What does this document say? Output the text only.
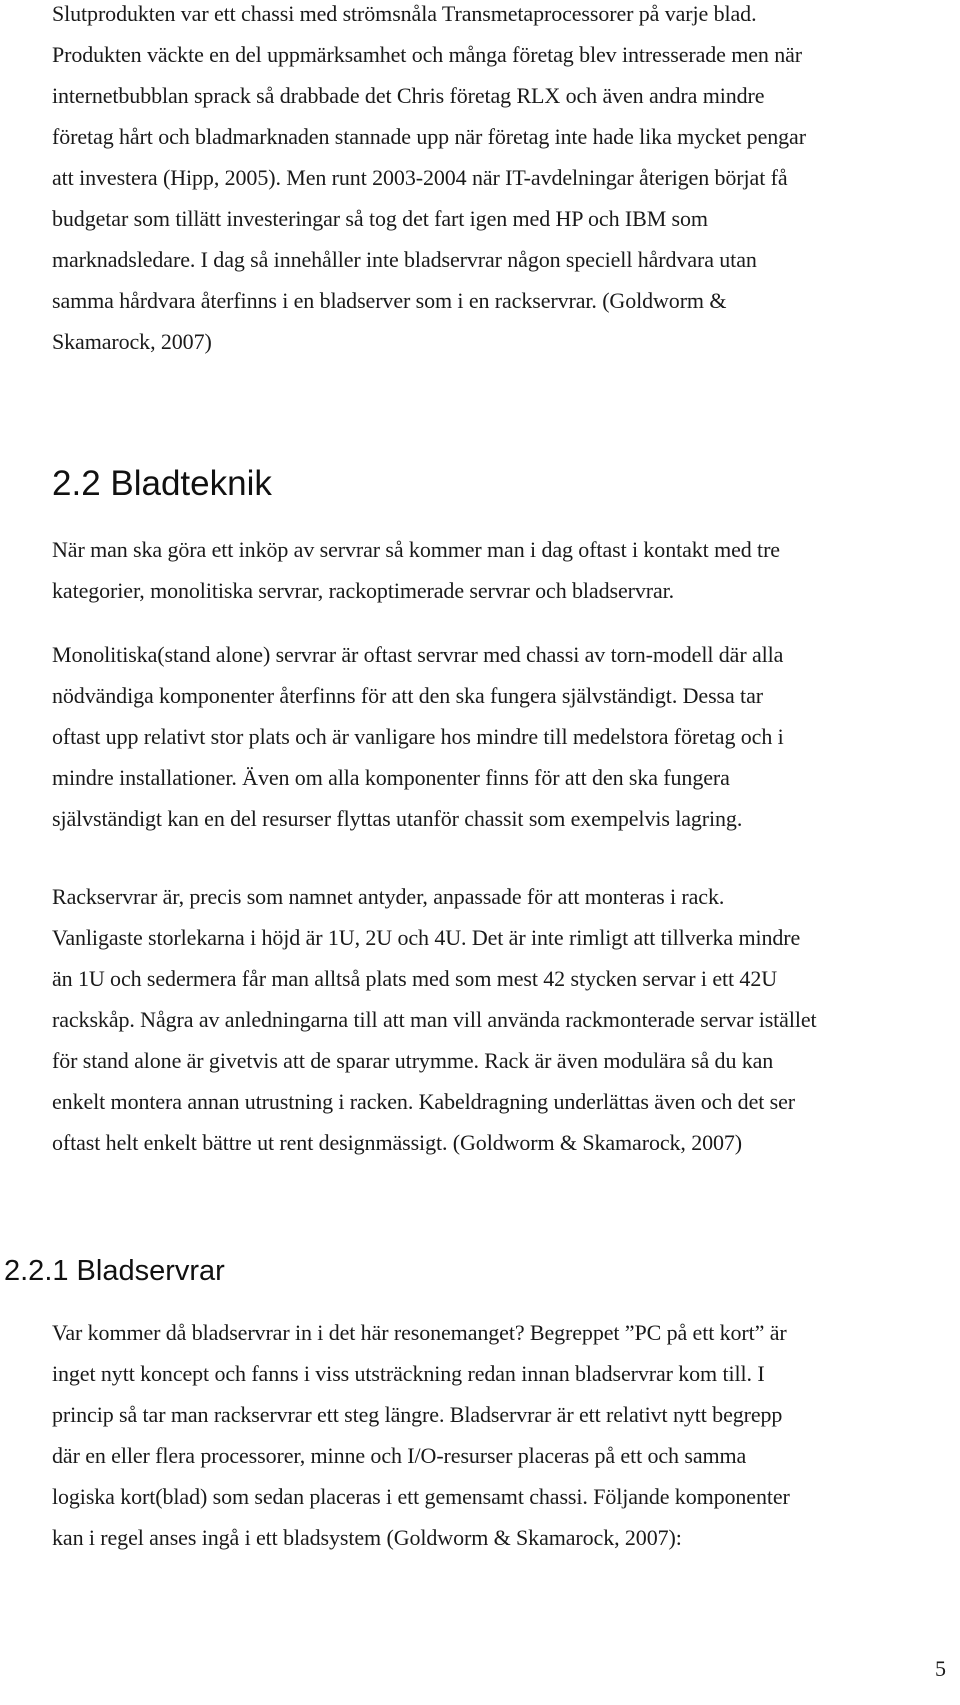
Slutprodukten var ett chassi med strömsnåla Transmetaprocessorer på varje blad.
Produkten väckte en del uppmärksamhet och många företag blev intresserade men när
internetbubblan sprack så drabbade det Chris företag RLX och även andra mindre
företag hårt och bladmarknaden stannade upp när företag inte hade lika mycket pengar
att investera (Hipp, 2005). Men runt 2003-2004 när IT-avdelningar återigen börjat få
budgetar som tillätt investeringar så tog det fart igen med HP och IBM som
marknadsledare. I dag så innehåller inte bladservrar någon speciell hårdvara utan
samma hårdvara återfinns i en bladserver som i en rackservrar. (Goldworm &
Skamarock, 2007)

2.2 Bladteknik

När man ska göra ett inköp av servrar så kommer man i dag oftast i kontakt med tre
kategorier, monolitiska servrar, rackoptimerade servrar och bladservrar.

Monolitiska(stand alone) servrar är oftast servrar med chassi av torn-modell där alla
nödvändiga komponenter återfinns för att den ska fungera självständigt. Dessa tar
oftast upp relativt stor plats och är vanligare hos mindre till medelstora företag och i
mindre installationer. Även om alla komponenter finns för att den ska fungera
självständigt kan en del resurser flyttas utanför chassit som exempelvis lagring.

Rackservrar är, precis som namnet antyder, anpassade för att monteras i rack.
Vanligaste storlekarna i höjd är 1U, 2U och 4U. Det är inte rimligt att tillverka mindre
än 1U och sedermera får man alltså plats med som mest 42 stycken servar i ett 42U
rackskåp. Några av anledningarna till att man vill använda rackmonterade servar istället
för stand alone är givetvis att de sparar utrymme. Rack är även modulära så du kan
enkelt montera annan utrustning i racken. Kabeldragning underlättas även och det ser
oftast helt enkelt bättre ut rent designmässigt. (Goldworm & Skamarock, 2007)

2.2.1 Bladservrar

Var kommer då bladservrar in i det här resonemanget? Begreppet ”PC på ett kort” är
inget nytt koncept och fanns i viss utsträckning redan innan bladservrar kom till. I
princip så tar man rackservrar ett steg längre. Bladservrar är ett relativt nytt begrepp
där en eller flera processorer, minne och I/O-resurser placeras på ett och samma
logiska kort(blad) som sedan placeras i ett gemensamt chassi. Följande komponenter
kan i regel anses ingå i ett bladsystem (Goldworm & Skamarock, 2007):

5
